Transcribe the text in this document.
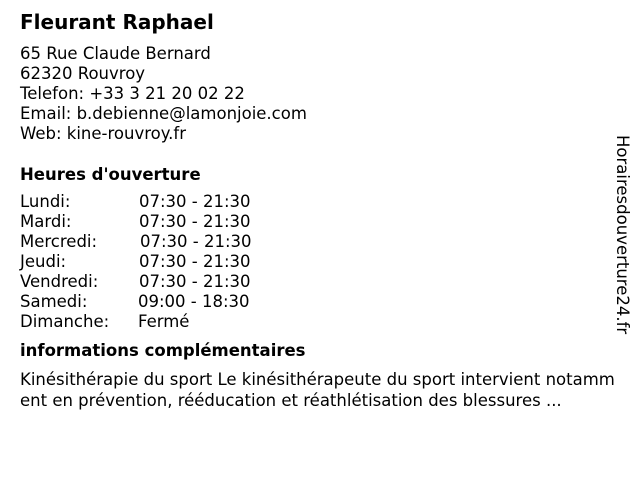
Fleurant Raphael
65 Rue Claude Bernard
62320 Rouvroy
Telefon: +33 3 21 20 02 22
Email: b.debienne@lamonjoie.com
Web: kine-rouvroy.fr
Heures d'ouverture
Lundi:	07:30 - 21:30
Mardi:	07:30 - 21:30
Mercredi:	07:30 - 21:30
Jeudi:	07:30 - 21:30
Vendredi:	07:30 - 21:30
Samedi:	09:00 - 18:30
Dimanche:	Fermé
informations complémentaires
Kinésithérapie du sport Le kinésithérapeute du sport intervient notamment en prévention, rééducation et réathlétisation des blessures ...
Horairesdouverture24.fr
